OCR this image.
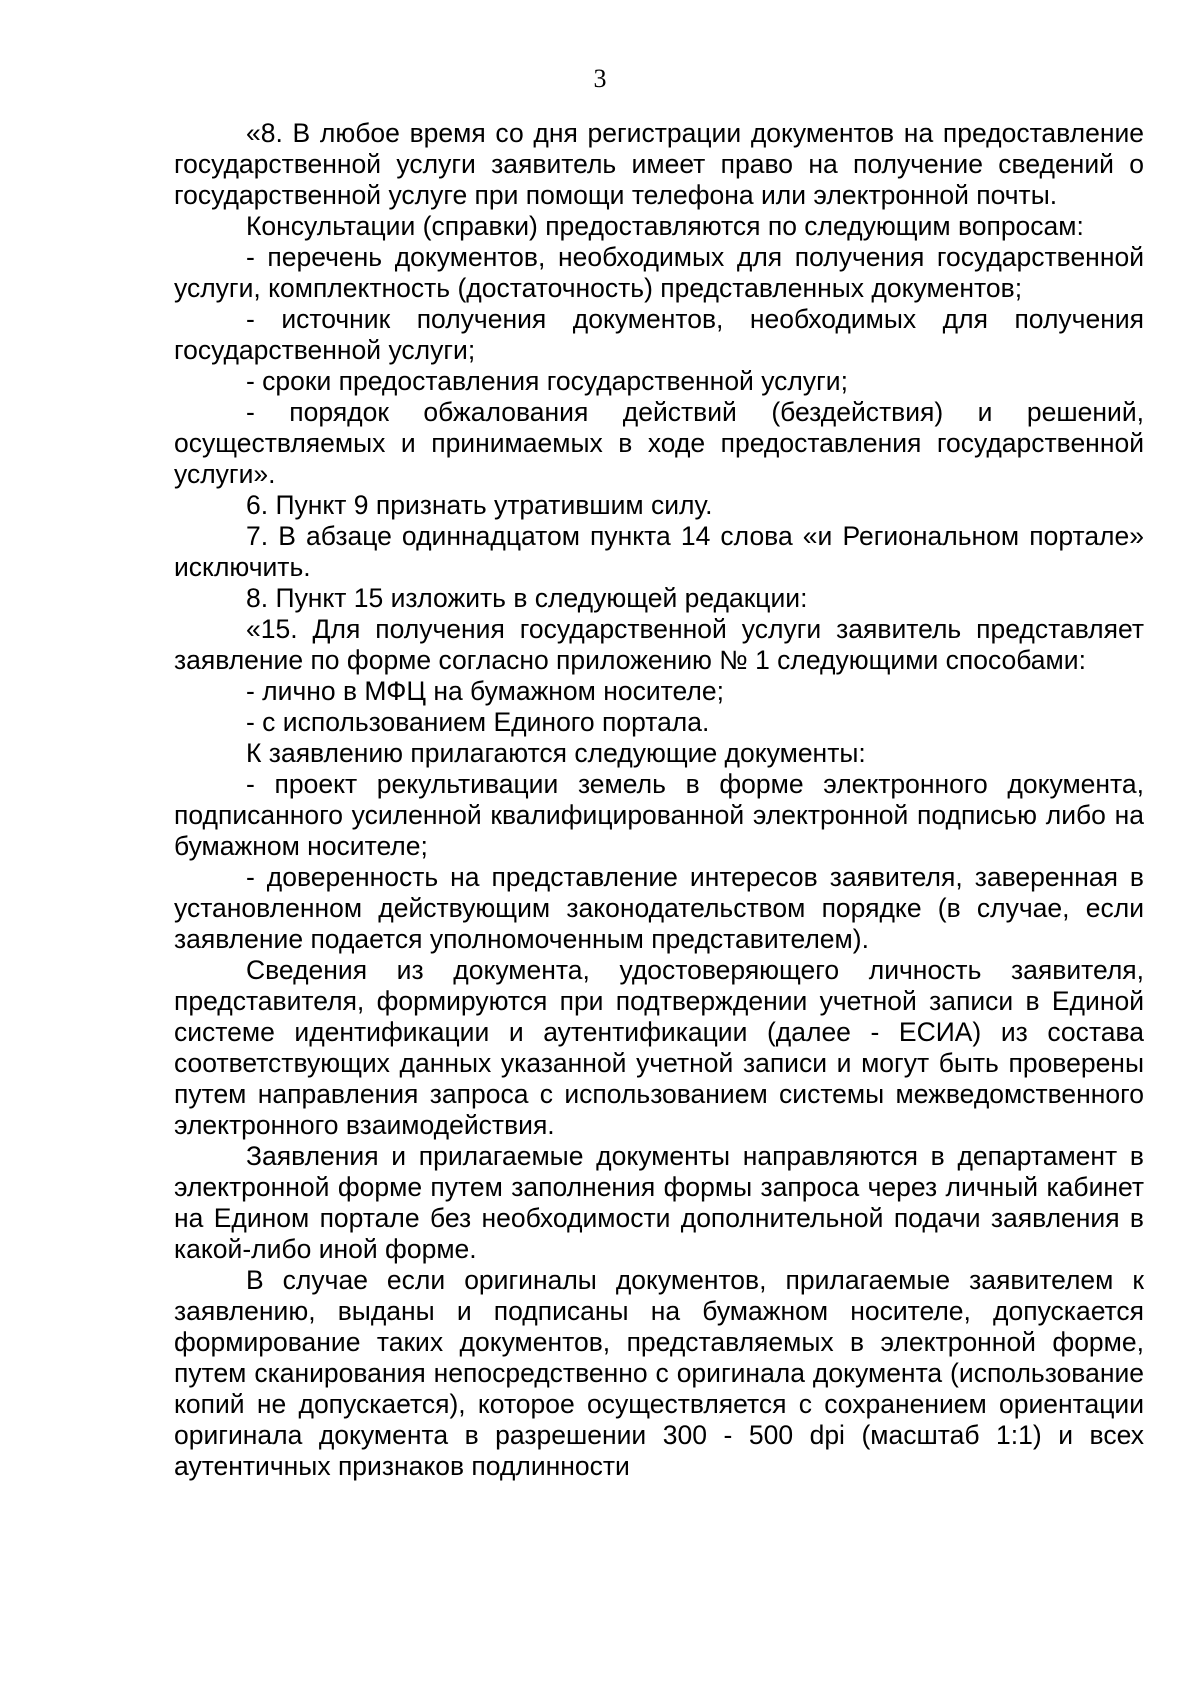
3

«8. В любое время со дня регистрации документов на предоставление государственной услуги заявитель имеет право на получение сведений о государственной услуге при помощи телефона или электронной почты.

Консультации (справки) предоставляются по следующим вопросам:

- перечень документов, необходимых для получения государственной услуги, комплектность (достаточность) представленных документов;

- источник получения документов, необходимых для получения государственной услуги;

- сроки предоставления государственной услуги;

- порядок обжалования действий (бездействия) и решений, осуществляемых и принимаемых в ходе предоставления государственной услуги».

6. Пункт 9 признать утратившим силу.

7. В абзаце одиннадцатом пункта 14 слова «и Региональном портале» исключить.

8. Пункт 15 изложить в следующей редакции:

«15. Для получения государственной услуги заявитель представляет заявление по форме согласно приложению № 1 следующими способами:

- лично в МФЦ на бумажном носителе;

- с использованием Единого портала.

К заявлению прилагаются следующие документы:

- проект рекультивации земель в форме электронного документа, подписанного усиленной квалифицированной электронной подписью либо на бумажном носителе;

- доверенность на представление интересов заявителя, заверенная в установленном действующим законодательством порядке (в случае, если заявление подается уполномоченным представителем).

Сведения из документа, удостоверяющего личность заявителя, представителя, формируются при подтверждении учетной записи в Единой системе идентификации и аутентификации (далее - ЕСИА) из состава соответствующих данных указанной учетной записи и могут быть проверены путем направления запроса с использованием системы межведомственного электронного взаимодействия.

Заявления и прилагаемые документы направляются в департамент в электронной форме путем заполнения формы запроса через личный кабинет на Едином портале без необходимости дополнительной подачи заявления в какой-либо иной форме.

В случае если оригиналы документов, прилагаемые заявителем к заявлению, выданы и подписаны на бумажном носителе, допускается формирование таких документов, представляемых в электронной форме, путем сканирования непосредственно с оригинала документа (использование копий не допускается), которое осуществляется с сохранением ориентации оригинала документа в разрешении 300 - 500 dpi (масштаб 1:1) и всех аутентичных признаков подлинности
